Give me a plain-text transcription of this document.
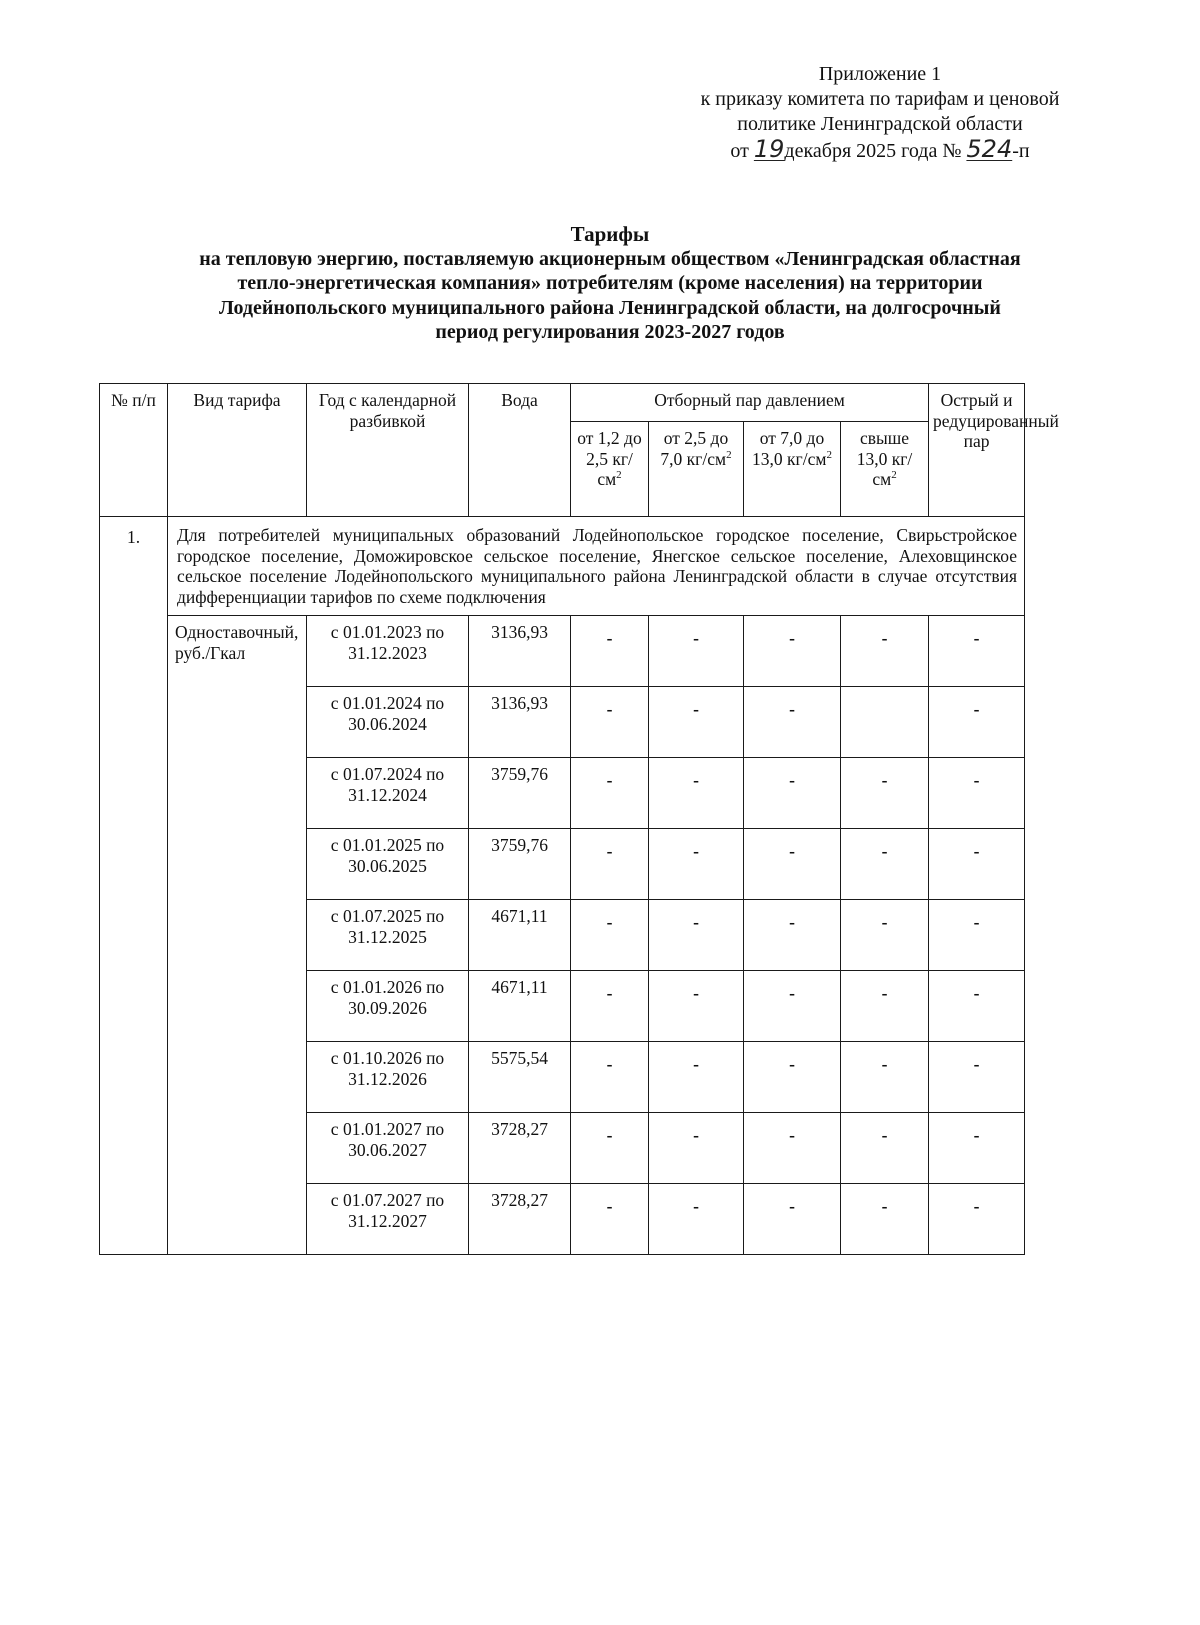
Приложение 1
к приказу комитета по тарифам и ценовой
политике Ленинградской области
от 19декабря 2025 года № 524-п
Тарифы
на тепловую энергию, поставляемую акционерным обществом «Ленинградская областная
тепло-энергетическая компания» потребителям (кроме населения) на территории
Лодейнопольского муниципального района Ленинградской области, на долгосрочный
период регулирования 2023-2027 годов
№ п/п	Вид тарифа	Год с календарной разбивкой	Вода	Отборный пар давлением				Острый и редуцированный пар
				от 1,2 до 2,5 $кг/см^2$	от 2,5 до 7,0 $кг/см^2$	от 7,0 до 13,0 $кг/см^2$	свыше 13,0 $кг/см^2$
1.	Для потребителей муниципальных образований Лодейнопольское городское поселение, Свирьстройское городское поселение, Доможировское сельское поселение, Янегское сельское поселение, Алеховщинское сельское поселение Лодейнопольского муниципального района Ленинградской области в случае отсутствия дифференциации тарифов по схеме подключения							
	Одноставочный, руб./Гкал	с 01.01.2023 по 31.12.2023	3136,93	-	-	-	-	-
		с 01.01.2024 по 30.06.2024	3136,93	-	-	-		-
		с 01.07.2024 по 31.12.2024	3759,76	-	-	-	-	-
		с 01.01.2025 по 30.06.2025	3759,76	-	-	-	-	-
		с 01.07.2025 по 31.12.2025	4671,11	-	-	-	-	-
		с 01.01.2026 по 30.09.2026	4671,11	-	-	-	-	-
		с 01.10.2026 по 31.12.2026	5575,54	-	-	-	-	-
		с 01.01.2027 по 30.06.2027	3728,27	-	-	-	-	-
		с 01.07.2027 по 31.12.2027	3728,27	-	-	-	-	-
